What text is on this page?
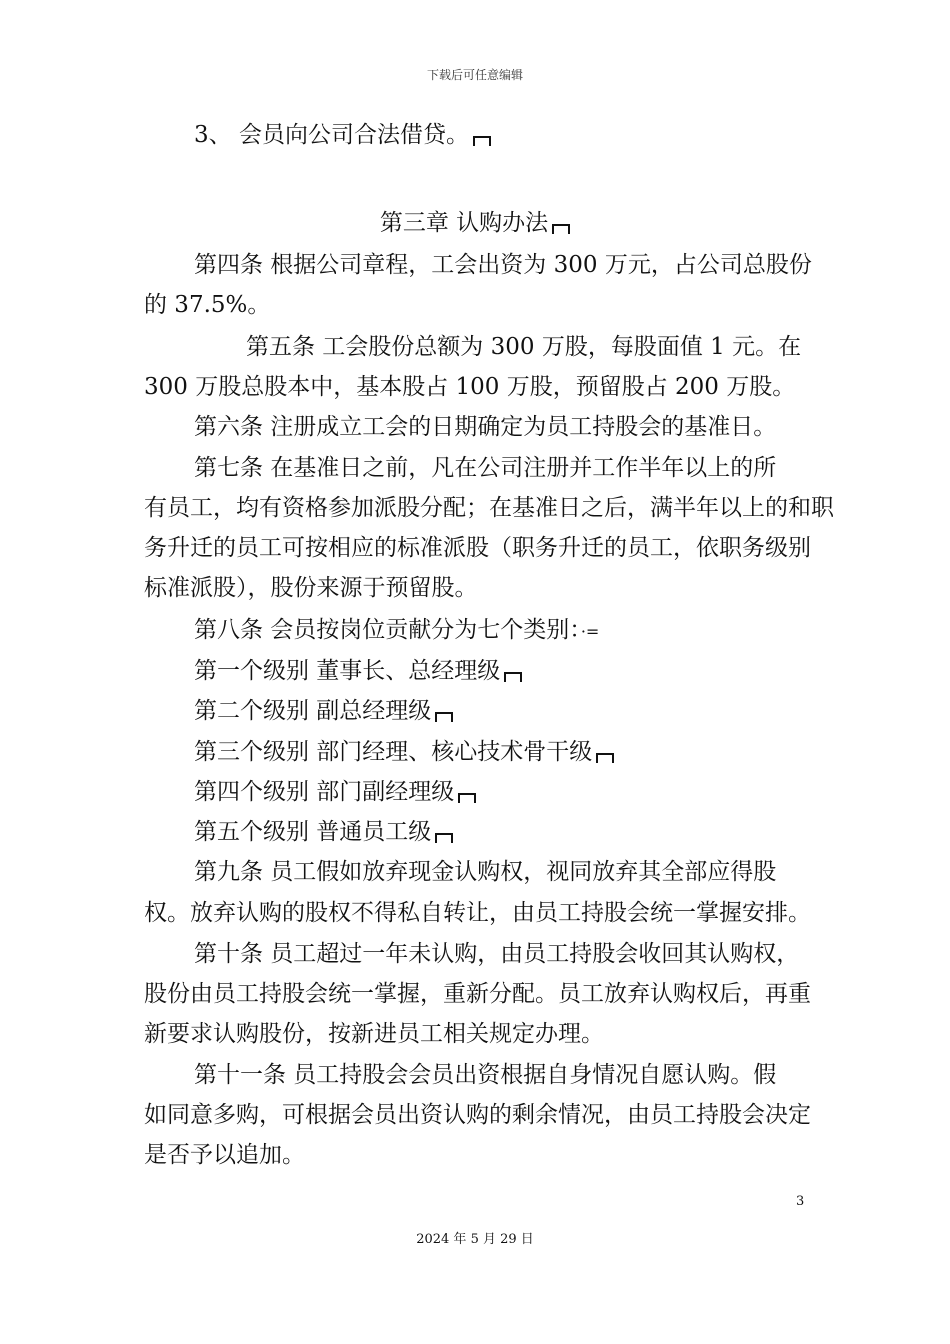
下载后可任意编辑
3、 会员向公司合法借贷。
第三章 认购办法
第四条 根据公司章程，工会出资为 300 万元，占公司总股份
的 37.5%。
第五条 工会股份总额为 300 万股，每股面值 1 元。在
300 万股总股本中，基本股占 100 万股，预留股占 200 万股。
第六条 注册成立工会的日期确定为员工持股会的基准日。
第七条 在基准日之前，凡在公司注册并工作半年以上的所
有员工，均有资格参加派股分配；在基准日之后，满半年以上的和职
务升迁的员工可按相应的标准派股（职务升迁的员工，依职务级别
标准派股），股份来源于预留股。
第八条 会员按岗位贡献分为七个类别：·=
第一个级别 董事长、总经理级
第二个级别 副总经理级
第三个级别 部门经理、核心技术骨干级
第四个级别 部门副经理级
第五个级别 普通员工级
第九条 员工假如放弃现金认购权，视同放弃其全部应得股
权。放弃认购的股权不得私自转让，由员工持股会统一掌握安排。
第十条 员工超过一年未认购，由员工持股会收回其认购权，
股份由员工持股会统一掌握，重新分配。员工放弃认购权后，再重
新要求认购股份，按新进员工相关规定办理。
第十一条 员工持股会会员出资根据自身情况自愿认购。假
如同意多购，可根据会员出资认购的剩余情况，由员工持股会决定
是否予以追加。
3
2024 年 5 月 29 日
